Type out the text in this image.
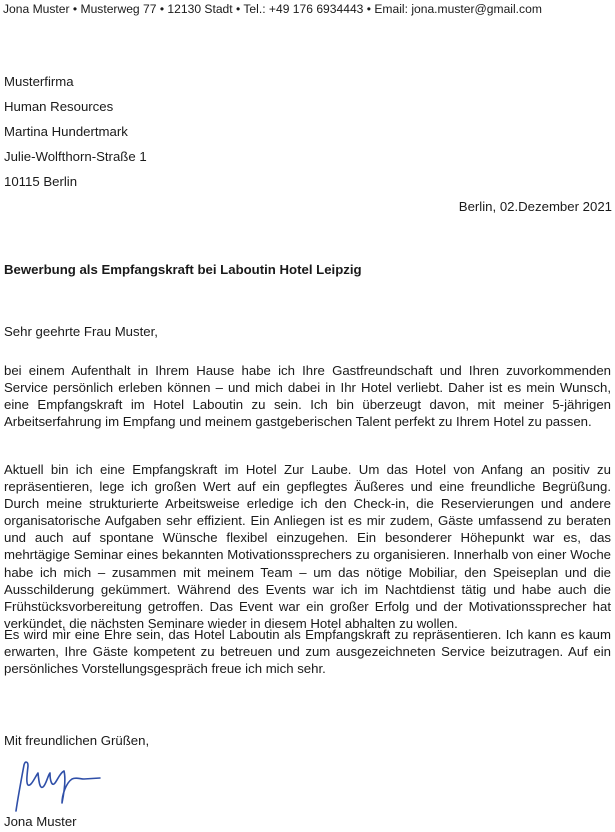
Jona Muster • Musterweg 77 • 12130 Stadt • Tel.: +49 176 6934443 • Email: jona.muster@gmail.com
Musterfirma
Human Resources
Martina Hundertmark
Julie-Wolfthorn-Straße 1
10115 Berlin
Berlin, 02.Dezember 2021
Bewerbung als Empfangskraft bei Laboutin Hotel Leipzig
Sehr geehrte Frau Muster,
bei einem Aufenthalt in Ihrem Hause habe ich Ihre Gastfreundschaft und Ihren zuvorkommenden Service persönlich erleben können – und mich dabei in Ihr Hotel verliebt. Daher ist es mein Wunsch, eine Empfangskraft im Hotel Laboutin zu sein. Ich bin überzeugt davon, mit meiner 5-jährigen Arbeitserfahrung im Empfang und meinem gastgeberischen Talent perfekt zu Ihrem Hotel zu passen.
Aktuell bin ich eine Empfangskraft im Hotel Zur Laube. Um das Hotel von Anfang an positiv zu repräsentieren, lege ich großen Wert auf ein gepflegtes Äußeres und eine freundliche Begrüßung. Durch meine strukturierte Arbeitsweise erledige ich den Check-in, die Reservierungen und andere organisatorische Aufgaben sehr effizient. Ein Anliegen ist es mir zudem, Gäste umfassend zu beraten und auch auf spontane Wünsche flexibel einzugehen. Ein besonderer Höhepunkt war es, das mehrtägige Seminar eines bekannten Motivationssprechers zu organisieren. Innerhalb von einer Woche habe ich mich – zusammen mit meinem Team – um das nötige Mobiliar, den Speiseplan und die Ausschilderung gekümmert. Während des Events war ich im Nachtdienst tätig und habe auch die Frühstücksvorbereitung getroffen. Das Event war ein großer Erfolg und der Motivationssprecher hat verkündet, die nächsten Seminare wieder in diesem Hotel abhalten zu wollen.
Es wird mir eine Ehre sein, das Hotel Laboutin als Empfangskraft zu repräsentieren. Ich kann es kaum erwarten, Ihre Gäste kompetent zu betreuen und zum ausgezeichneten Service beizutragen. Auf ein persönliches Vorstellungsgespräch freue ich mich sehr.
Mit freundlichen Grüßen,
Jona Muster
